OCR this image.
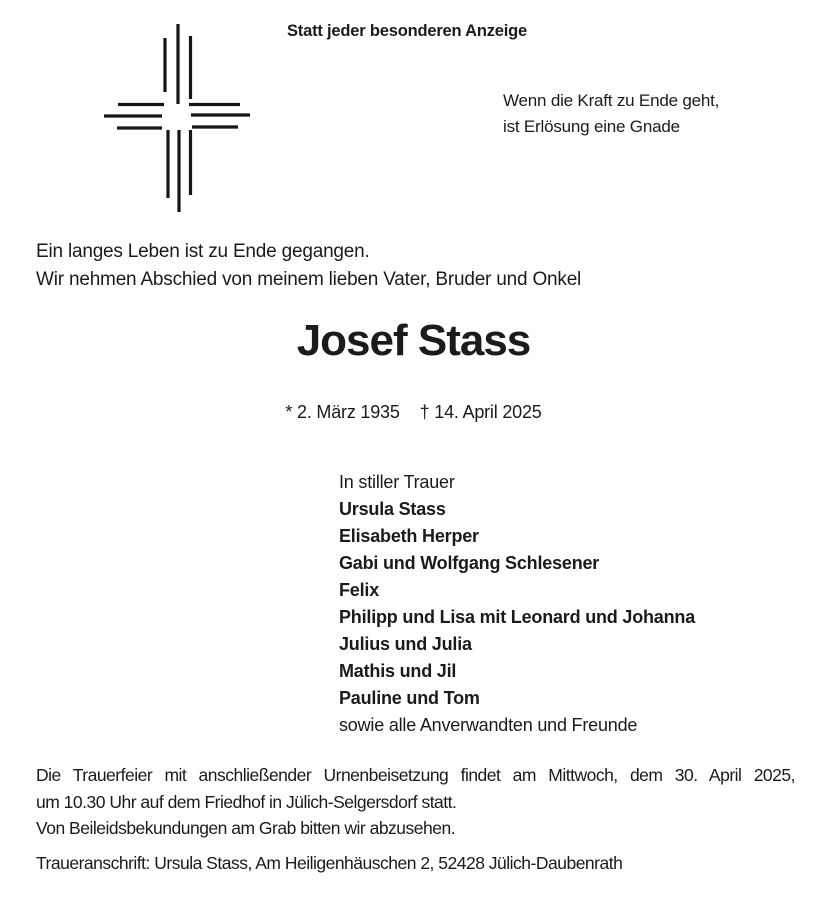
Statt jeder besonderen Anzeige
Wenn die Kraft zu Ende geht,
ist Erlösung eine Gnade
Ein langes Leben ist zu Ende gegangen.
Wir nehmen Abschied von meinem lieben Vater, Bruder und Onkel
Josef Stass
* 2. März 1935 † 14. April 2025
In stiller Trauer
Ursula Stass
Elisabeth Herper
Gabi und Wolfgang Schlesener
Felix
Philipp und Lisa mit Leonard und Johanna
Julius und Julia
Mathis und Jil
Pauline und Tom
sowie alle Anverwandten und Freunde
Die Trauerfeier mit anschließender Urnenbeisetzung findet am Mittwoch, dem 30. April 2025,
um 10.30 Uhr auf dem Friedhof in Jülich-Selgersdorf statt.
Von Beileidsbekundungen am Grab bitten wir abzusehen.
Traueranschrift: Ursula Stass, Am Heiligenhäuschen 2, 52428 Jülich-Daubenrath
